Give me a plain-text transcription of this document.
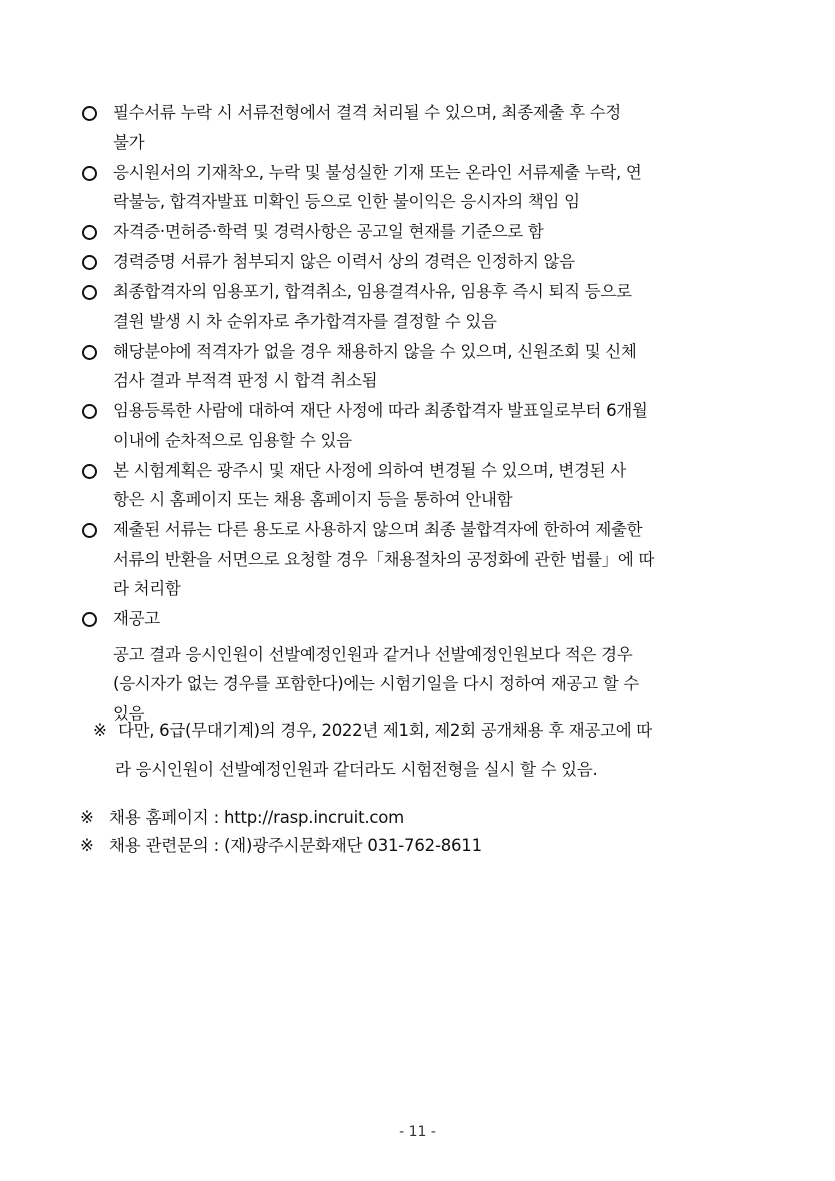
필수서류 누락 시 서류전형에서 결격 처리될 수 있으며, 최종제출 후 수정
불가
응시원서의 기재착오, 누락 및 불성실한 기재 또는 온라인 서류제출 누락, 연
락불능, 합격자발표 미확인 등으로 인한 불이익은 응시자의 책임 임
자격증·면허증·학력 및 경력사항은 공고일 현재를 기준으로 함
경력증명 서류가 첨부되지 않은 이력서 상의 경력은 인정하지 않음
최종합격자의 임용포기, 합격취소, 임용결격사유, 임용후 즉시 퇴직 등으로
결원 발생 시 차 순위자로 추가합격자를 결정할 수 있음
해당분야에 적격자가 없을 경우 채용하지 않을 수 있으며, 신원조회 및 신체
검사 결과 부적격 판정 시 합격 취소됨
임용등록한 사람에 대하여 재단 사정에 따라 최종합격자 발표일로부터 6개월
이내에 순차적으로 임용할 수 있음
본 시험계획은 광주시 및 재단 사정에 의하여 변경될 수 있으며, 변경된 사
항은 시 홈페이지 또는 채용 홈페이지 등을 통하여 안내함
제출된 서류는 다른 용도로 사용하지 않으며 최종 불합격자에 한하여 제출한
서류의 반환을 서면으로 요청할 경우「채용절차의 공정화에 관한 법률」에 따
라 처리함
재공고
공고 결과 응시인원이 선발예정인원과 같거나 선발예정인원보다 적은 경우
(응시자가 없는 경우를 포함한다)에는 시험기일을 다시 정하여 재공고 할 수
있음
※ 다만, 6급(무대기계)의 경우, 2022년 제1회, 제2회 공개채용 후 재공고에 따
라 응시인원이 선발예정인원과 같더라도 시험전형을 실시 할 수 있음.
※ 채용 홈페이지 : http://rasp.incruit.com
※ 채용 관련문의 : (재)광주시문화재단 031-762-8611
- 11 -
